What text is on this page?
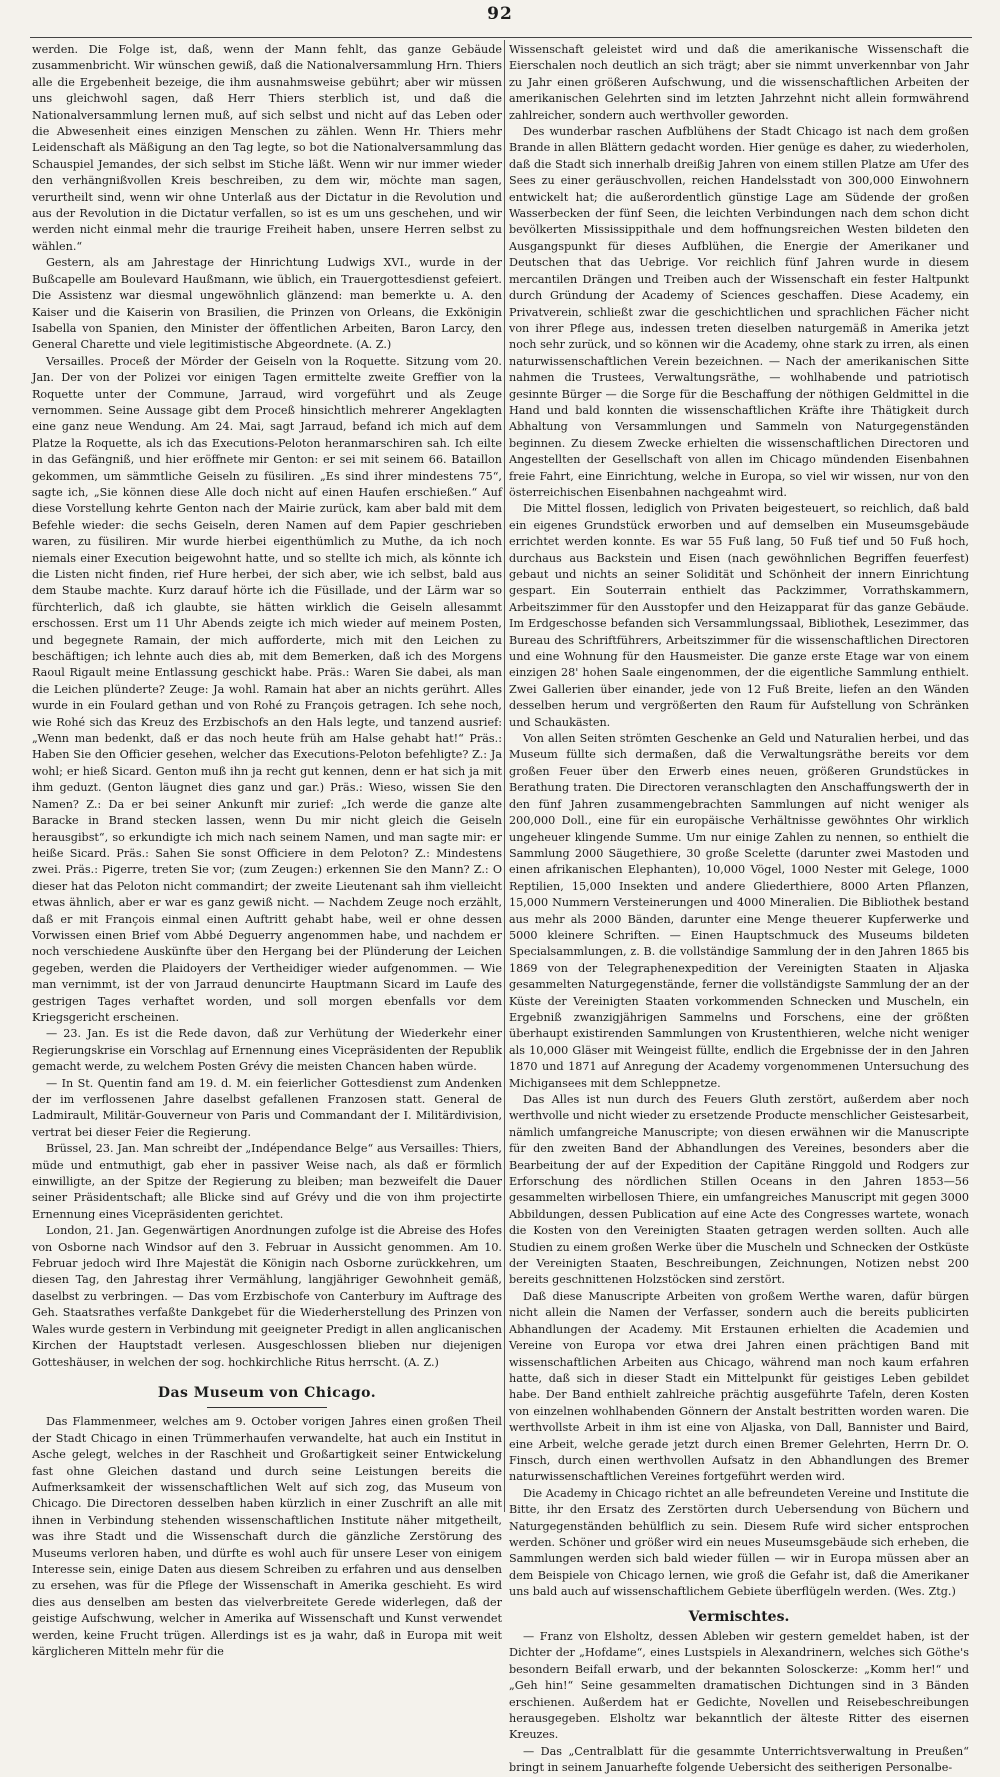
92

werden. Die Folge ist, daß, wenn der Mann fehlt, das ganze Gebäude zusammenbricht. Wir wünschen gewiß, daß die Nationalversammlung Hrn. Thiers alle die Ergebenheit bezeige, die ihm ausnahmsweise gebührt; aber wir müssen uns gleichwohl sagen, daß Herr Thiers sterblich ist, und daß die Nationalversammlung lernen muß, auf sich selbst und nicht auf das Leben oder die Abwesenheit eines einzigen Menschen zu zählen. Wenn Hr. Thiers mehr Leidenschaft als Mäßigung an den Tag legte, so bot die Nationalversammlung das Schauspiel Jemandes, der sich selbst im Stiche läßt. Wenn wir nur immer wieder den verhängnißvollen Kreis beschreiben, zu dem wir, möchte man sagen, verurtheilt sind, wenn wir ohne Unterlaß aus der Dictatur in die Revolution und aus der Revolution in die Dictatur verfallen, so ist es um uns geschehen, und wir werden nicht einmal mehr die traurige Freiheit haben, unsere Herren selbst zu wählen.“

Gestern, als am Jahrestage der Hinrichtung Ludwigs XVI., wurde in der Bußcapelle am Boulevard Haußmann, wie üblich, ein Trauergottesdienst gefeiert. Die Assistenz war diesmal ungewöhnlich glänzend: man bemerkte u. A. den Kaiser und die Kaiserin von Brasilien, die Prinzen von Orleans, die Exkönigin Isabella von Spanien, den Minister der öffentlichen Arbeiten, Baron Larcy, den General Charette und viele legitimistische Abgeordnete. (A. Z.)

Versailles. Proceß der Mörder der Geiseln von la Roquette. Sitzung vom 20. Jan. Der von der Polizei vor einigen Tagen ermittelte zweite Greffier von la Roquette unter der Commune, Jarraud, wird vorgeführt und als Zeuge vernommen. Seine Aussage gibt dem Proceß hinsichtlich mehrerer Angeklagten eine ganz neue Wendung. Am 24. Mai, sagt Jarraud, befand ich mich auf dem Platze la Roquette, als ich das Executions-Peloton heranmarschiren sah. Ich eilte in das Gefängniß, und hier eröffnete mir Genton: er sei mit seinem 66. Bataillon gekommen, um sämmtliche Geiseln zu füsiliren. „Es sind ihrer mindestens 75“, sagte ich, „Sie können diese Alle doch nicht auf einen Haufen erschießen.“ Auf diese Vorstellung kehrte Genton nach der Mairie zurück, kam aber bald mit dem Befehle wieder: die sechs Geiseln, deren Namen auf dem Papier geschrieben waren, zu füsiliren. Mir wurde hierbei eigenthümlich zu Muthe, da ich noch niemals einer Execution beigewohnt hatte, und so stellte ich mich, als könnte ich die Listen nicht finden, rief Hure herbei, der sich aber, wie ich selbst, bald aus dem Staube machte. Kurz darauf hörte ich die Füsillade, und der Lärm war so fürchterlich, daß ich glaubte, sie hätten wirklich die Geiseln allesammt erschossen. Erst um 11 Uhr Abends zeigte ich mich wieder auf meinem Posten, und begegnete Ramain, der mich aufforderte, mich mit den Leichen zu beschäftigen; ich lehnte auch dies ab, mit dem Bemerken, daß ich des Morgens Raoul Rigault meine Entlassung geschickt habe. Präs.: Waren Sie dabei, als man die Leichen plünderte? Zeuge: Ja wohl. Ramain hat aber an nichts gerührt. Alles wurde in ein Foulard gethan und von Rohé zu François getragen. Ich sehe noch, wie Rohé sich das Kreuz des Erzbischofs an den Hals legte, und tanzend ausrief: „Wenn man bedenkt, daß er das noch heute früh am Halse gehabt hat!“ Präs.: Haben Sie den Officier gesehen, welcher das Executions-Peloton befehligte? Z.: Ja wohl; er hieß Sicard. Genton muß ihn ja recht gut kennen, denn er hat sich ja mit ihm geduzt. (Genton läugnet dies ganz und gar.) Präs.: Wieso, wissen Sie den Namen? Z.: Da er bei seiner Ankunft mir zurief: „Ich werde die ganze alte Baracke in Brand stecken lassen, wenn Du mir nicht gleich die Geiseln herausgibst“, so erkundigte ich mich nach seinem Namen, und man sagte mir: er heiße Sicard. Präs.: Sahen Sie sonst Officiere in dem Peloton? Z.: Mindestens zwei. Präs.: Pigerre, treten Sie vor; (zum Zeugen:) erkennen Sie den Mann? Z.: O dieser hat das Peloton nicht commandirt; der zweite Lieutenant sah ihm vielleicht etwas ähnlich, aber er war es ganz gewiß nicht. — Nachdem Zeuge noch erzählt, daß er mit François einmal einen Auftritt gehabt habe, weil er ohne dessen Vorwissen einen Brief vom Abbé Deguerry angenommen habe, und nachdem er noch verschiedene Auskünfte über den Hergang bei der Plünderung der Leichen gegeben, werden die Plaidoyers der Vertheidiger wieder aufgenommen. — Wie man vernimmt, ist der von Jarraud denuncirte Hauptmann Sicard im Laufe des gestrigen Tages verhaftet worden, und soll morgen ebenfalls vor dem Kriegsgericht erscheinen.

— 23. Jan. Es ist die Rede davon, daß zur Verhütung der Wiederkehr einer Regierungskrise ein Vorschlag auf Ernennung eines Vicepräsidenten der Republik gemacht werde, zu welchem Posten Grévy die meisten Chancen haben würde.

— In St. Quentin fand am 19. d. M. ein feierlicher Gottesdienst zum Andenken der im verflossenen Jahre daselbst gefallenen Franzosen statt. General de Ladmirault, Militär-Gouverneur von Paris und Commandant der I. Militärdivision, vertrat bei dieser Feier die Regierung.

Brüssel, 23. Jan. Man schreibt der „Indépendance Belge“ aus Versailles: Thiers, müde und entmuthigt, gab eher in passiver Weise nach, als daß er förmlich einwilligte, an der Spitze der Regierung zu bleiben; man bezweifelt die Dauer seiner Präsidentschaft; alle Blicke sind auf Grévy und die von ihm projectirte Ernennung eines Vicepräsidenten gerichtet.

London, 21. Jan. Gegenwärtigen Anordnungen zufolge ist die Abreise des Hofes von Osborne nach Windsor auf den 3. Februar in Aussicht genommen. Am 10. Februar jedoch wird Ihre Majestät die Königin nach Osborne zurückkehren, um diesen Tag, den Jahrestag ihrer Vermählung, langjähriger Gewohnheit gemäß, daselbst zu verbringen. — Das vom Erzbischofe von Canterbury im Auftrage des Geh. Staatsrathes verfaßte Dankgebet für die Wiederherstellung des Prinzen von Wales wurde gestern in Verbindung mit geeigneter Predigt in allen anglicanischen Kirchen der Hauptstadt verlesen. Ausgeschlossen blieben nur diejenigen Gotteshäuser, in welchen der sog. hochkirchliche Ritus herrscht. (A. Z.)

Das Museum von Chicago.

Das Flammenmeer, welches am 9. October vorigen Jahres einen großen Theil der Stadt Chicago in einen Trümmerhaufen verwandelte, hat auch ein Institut in Asche gelegt, welches in der Raschheit und Großartigkeit seiner Entwickelung fast ohne Gleichen dastand und durch seine Leistungen bereits die Aufmerksamkeit der wissenschaftlichen Welt auf sich zog, das Museum von Chicago. Die Directoren desselben haben kürzlich in einer Zuschrift an alle mit ihnen in Verbindung stehenden wissenschaftlichen Institute näher mitgetheilt, was ihre Stadt und die Wissenschaft durch die gänzliche Zerstörung des Museums verloren haben, und dürfte es wohl auch für unsere Leser von einigem Interesse sein, einige Daten aus diesem Schreiben zu erfahren und aus denselben zu ersehen, was für die Pflege der Wissenschaft in Amerika geschieht. Es wird dies aus denselben am besten das vielverbreitete Gerede widerlegen, daß der geistige Aufschwung, welcher in Amerika auf Wissenschaft und Kunst verwendet werden, keine Frucht trügen. Allerdings ist es ja wahr, daß in Europa mit weit kärglicheren Mitteln mehr für die

Wissenschaft geleistet wird und daß die amerikanische Wissenschaft die Eierschalen noch deutlich an sich trägt; aber sie nimmt unverkennbar von Jahr zu Jahr einen größeren Aufschwung, und die wissenschaftlichen Arbeiten der amerikanischen Gelehrten sind im letzten Jahrzehnt nicht allein formwährend zahlreicher, sondern auch werthvoller geworden.

Des wunderbar raschen Aufblühens der Stadt Chicago ist nach dem großen Brande in allen Blättern gedacht worden. Hier genüge es daher, zu wiederholen, daß die Stadt sich innerhalb dreißig Jahren von einem stillen Platze am Ufer des Sees zu einer geräuschvollen, reichen Handelsstadt von 300,000 Einwohnern entwickelt hat; die außerordentlich günstige Lage am Südende der großen Wasserbecken der fünf Seen, die leichten Verbindungen nach dem schon dicht bevölkerten Mississippithale und dem hoffnungsreichen Westen bildeten den Ausgangspunkt für dieses Aufblühen, die Energie der Amerikaner und Deutschen that das Uebrige. Vor reichlich fünf Jahren wurde in diesem mercantilen Drängen und Treiben auch der Wissenschaft ein fester Haltpunkt durch Gründung der Academy of Sciences geschaffen. Diese Academy, ein Privatverein, schließt zwar die geschichtlichen und sprachlichen Fächer nicht von ihrer Pflege aus, indessen treten dieselben naturgemäß in Amerika jetzt noch sehr zurück, und so können wir die Academy, ohne stark zu irren, als einen naturwissenschaftlichen Verein bezeichnen. — Nach der amerikanischen Sitte nahmen die Trustees, Verwaltungsräthe, — wohlhabende und patriotisch gesinnte Bürger — die Sorge für die Beschaffung der nöthigen Geldmittel in die Hand und bald konnten die wissenschaftlichen Kräfte ihre Thätigkeit durch Abhaltung von Versammlungen und Sammeln von Naturgegenständen beginnen. Zu diesem Zwecke erhielten die wissenschaftlichen Directoren und Angestellten der Gesellschaft von allen im Chicago mündenden Eisenbahnen freie Fahrt, eine Einrichtung, welche in Europa, so viel wir wissen, nur von den österreichischen Eisenbahnen nachgeahmt wird.

Die Mittel flossen, lediglich von Privaten beigesteuert, so reichlich, daß bald ein eigenes Grundstück erworben und auf demselben ein Museumsgebäude errichtet werden konnte. Es war 55 Fuß lang, 50 Fuß tief und 50 Fuß hoch, durchaus aus Backstein und Eisen (nach gewöhnlichen Begriffen feuerfest) gebaut und nichts an seiner Solidität und Schönheit der innern Einrichtung gespart. Ein Souterrain enthielt das Packzimmer, Vorrathskammern, Arbeitszimmer für den Ausstopfer und den Heizapparat für das ganze Gebäude. Im Erdgeschosse befanden sich Versammlungssaal, Bibliothek, Lesezimmer, das Bureau des Schriftführers, Arbeitszimmer für die wissenschaftlichen Directoren und eine Wohnung für den Hausmeister. Die ganze erste Etage war von einem einzigen 28' hohen Saale eingenommen, der die eigentliche Sammlung enthielt. Zwei Gallerien über einander, jede von 12 Fuß Breite, liefen an den Wänden desselben herum und vergrößerten den Raum für Aufstellung von Schränken und Schaukästen.

Von allen Seiten strömten Geschenke an Geld und Naturalien herbei, und das Museum füllte sich dermaßen, daß die Verwaltungsräthe bereits vor dem großen Feuer über den Erwerb eines neuen, größeren Grundstückes in Berathung traten. Die Directoren veranschlagten den Anschaffungswerth der in den fünf Jahren zusammengebrachten Sammlungen auf nicht weniger als 200,000 Doll., eine für ein europäische Verhältnisse gewöhntes Ohr wirklich ungeheuer klingende Summe. Um nur einige Zahlen zu nennen, so enthielt die Sammlung 2000 Säugethiere, 30 große Scelette (darunter zwei Mastoden und einen afrikanischen Elephanten), 10,000 Vögel, 1000 Nester mit Gelege, 1000 Reptilien, 15,000 Insekten und andere Gliederthiere, 8000 Arten Pflanzen, 15,000 Nummern Versteinerungen und 4000 Mineralien. Die Bibliothek bestand aus mehr als 2000 Bänden, darunter eine Menge theuerer Kupferwerke und 5000 kleinere Schriften. — Einen Hauptschmuck des Museums bildeten Specialsammlungen, z. B. die vollständige Sammlung der in den Jahren 1865 bis 1869 von der Telegraphenexpedition der Vereinigten Staaten in Aljaska gesammelten Naturgegenstände, ferner die vollständigste Sammlung der an der Küste der Vereinigten Staaten vorkommenden Schnecken und Muscheln, ein Ergebniß zwanzigjährigen Sammelns und Forschens, eine der größten überhaupt existirenden Sammlungen von Krustenthieren, welche nicht weniger als 10,000 Gläser mit Weingeist füllte, endlich die Ergebnisse der in den Jahren 1870 und 1871 auf Anregung der Academy vorgenommenen Untersuchung des Michigansees mit dem Schleppnetze.

Das Alles ist nun durch des Feuers Gluth zerstört, außerdem aber noch werthvolle und nicht wieder zu ersetzende Producte menschlicher Geistesarbeit, nämlich umfangreiche Manuscripte; von diesen erwähnen wir die Manuscripte für den zweiten Band der Abhandlungen des Vereines, besonders aber die Bearbeitung der auf der Expedition der Capitäne Ringgold und Rodgers zur Erforschung des nördlichen Stillen Oceans in den Jahren 1853—56 gesammelten wirbellosen Thiere, ein umfangreiches Manuscript mit gegen 3000 Abbildungen, dessen Publication auf eine Acte des Congresses wartete, wonach die Kosten von den Vereinigten Staaten getragen werden sollten. Auch alle Studien zu einem großen Werke über die Muscheln und Schnecken der Ostküste der Vereinigten Staaten, Beschreibungen, Zeichnungen, Notizen nebst 200 bereits geschnittenen Holzstöcken sind zerstört.

Daß diese Manuscripte Arbeiten von großem Werthe waren, dafür bürgen nicht allein die Namen der Verfasser, sondern auch die bereits publicirten Abhandlungen der Academy. Mit Erstaunen erhielten die Academien und Vereine von Europa vor etwa drei Jahren einen prächtigen Band mit wissenschaftlichen Arbeiten aus Chicago, während man noch kaum erfahren hatte, daß sich in dieser Stadt ein Mittelpunkt für geistiges Leben gebildet habe. Der Band enthielt zahlreiche prächtig ausgeführte Tafeln, deren Kosten von einzelnen wohlhabenden Gönnern der Anstalt bestritten worden waren. Die werthvollste Arbeit in ihm ist eine von Aljaska, von Dall, Bannister und Baird, eine Arbeit, welche gerade jetzt durch einen Bremer Gelehrten, Herrn Dr. O. Finsch, durch einen werthvollen Aufsatz in den Abhandlungen des Bremer naturwissenschaftlichen Vereines fortgeführt werden wird.

Die Academy in Chicago richtet an alle befreundeten Vereine und Institute die Bitte, ihr den Ersatz des Zerstörten durch Uebersendung von Büchern und Naturgegenständen behülflich zu sein. Diesem Rufe wird sicher entsprochen werden. Schöner und größer wird ein neues Museumsgebäude sich erheben, die Sammlungen werden sich bald wieder füllen — wir in Europa müssen aber an dem Beispiele von Chicago lernen, wie groß die Gefahr ist, daß die Amerikaner uns bald auch auf wissenschaftlichem Gebiete überflügeln werden. (Wes. Ztg.)

Vermischtes.

— Franz von Elsholtz, dessen Ableben wir gestern gemeldet haben, ist der Dichter der „Hofdame“, eines Lustspiels in Alexandrinern, welches sich Göthe's besondern Beifall erwarb, und der bekannten Solosckerze: „Komm her!“ und „Geh hin!“ Seine gesammelten dramatischen Dichtungen sind in 3 Bänden erschienen. Außerdem hat er Gedichte, Novellen und Reisebeschreibungen herausgegeben. Elsholtz war bekanntlich der älteste Ritter des eisernen Kreuzes.

— Das „Centralblatt für die gesammte Unterrichtsverwaltung in Preußen“ bringt in seinem Januarhefte folgende Uebersicht des seitherigen Personalbe-
